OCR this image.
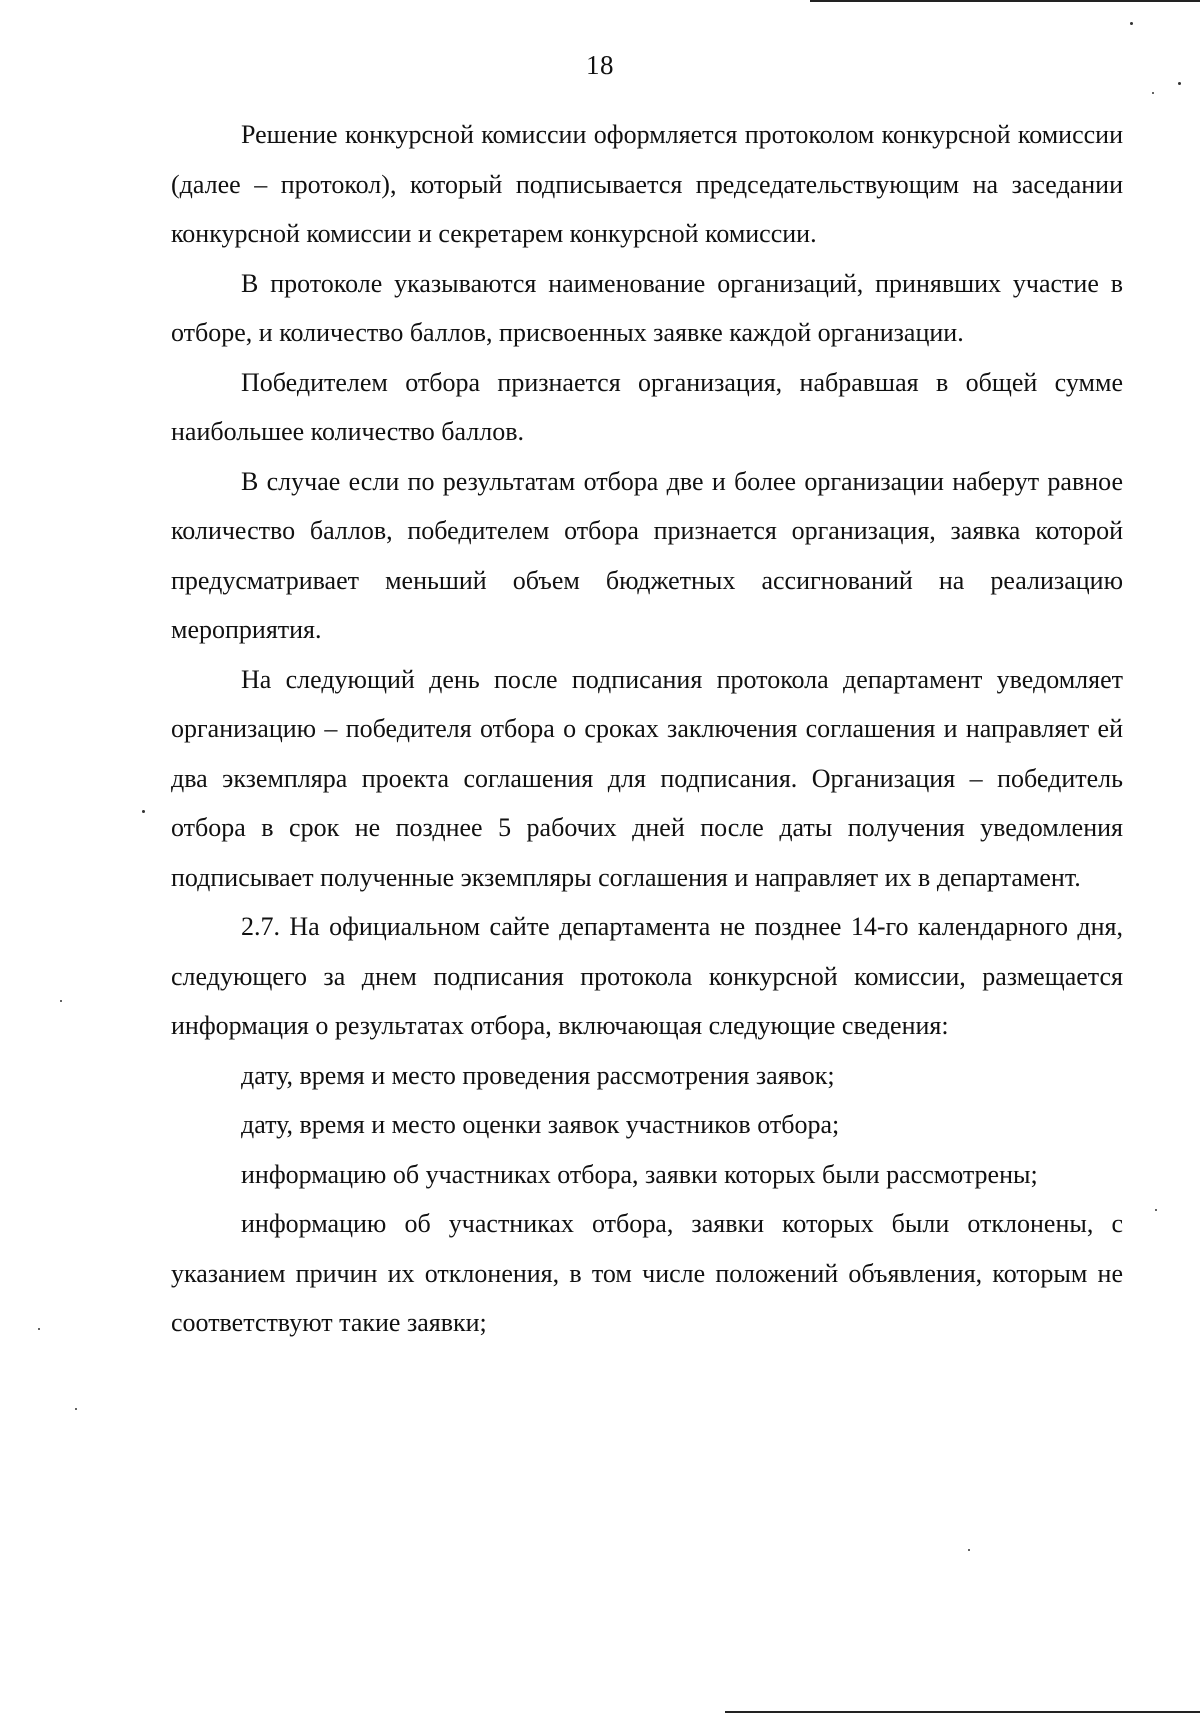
18

Решение конкурсной комиссии оформляется протоколом конкурсной комиссии (далее – протокол), который подписывается председательствующим на заседании конкурсной комиссии и секретарем конкурсной комиссии.

В протоколе указываются наименование организаций, принявших участие в отборе, и количество баллов, присвоенных заявке каждой организации.

Победителем отбора признается организация, набравшая в общей сумме наибольшее количество баллов.

В случае если по результатам отбора две и более организации наберут равное количество баллов, победителем отбора признается организация, заявка которой предусматривает меньший объем бюджетных ассигнований на реализацию мероприятия.

На следующий день после подписания протокола департамент уведомляет организацию – победителя отбора о сроках заключения соглашения и направляет ей два экземпляра проекта соглашения для подписания. Организация – победитель отбора в срок не позднее 5 рабочих дней после даты получения уведомления подписывает полученные экземпляры соглашения и направляет их в департамент.

2.7. На официальном сайте департамента не позднее 14-го календарного дня, следующего за днем подписания протокола конкурсной комиссии, размещается информация о результатах отбора, включающая следующие сведения:

дату, время и место проведения рассмотрения заявок;

дату, время и место оценки заявок участников отбора;

информацию об участниках отбора, заявки которых были рассмотрены;

информацию об участниках отбора, заявки которых были отклонены, с указанием причин их отклонения, в том числе положений объявления, которым не соответствуют такие заявки;
